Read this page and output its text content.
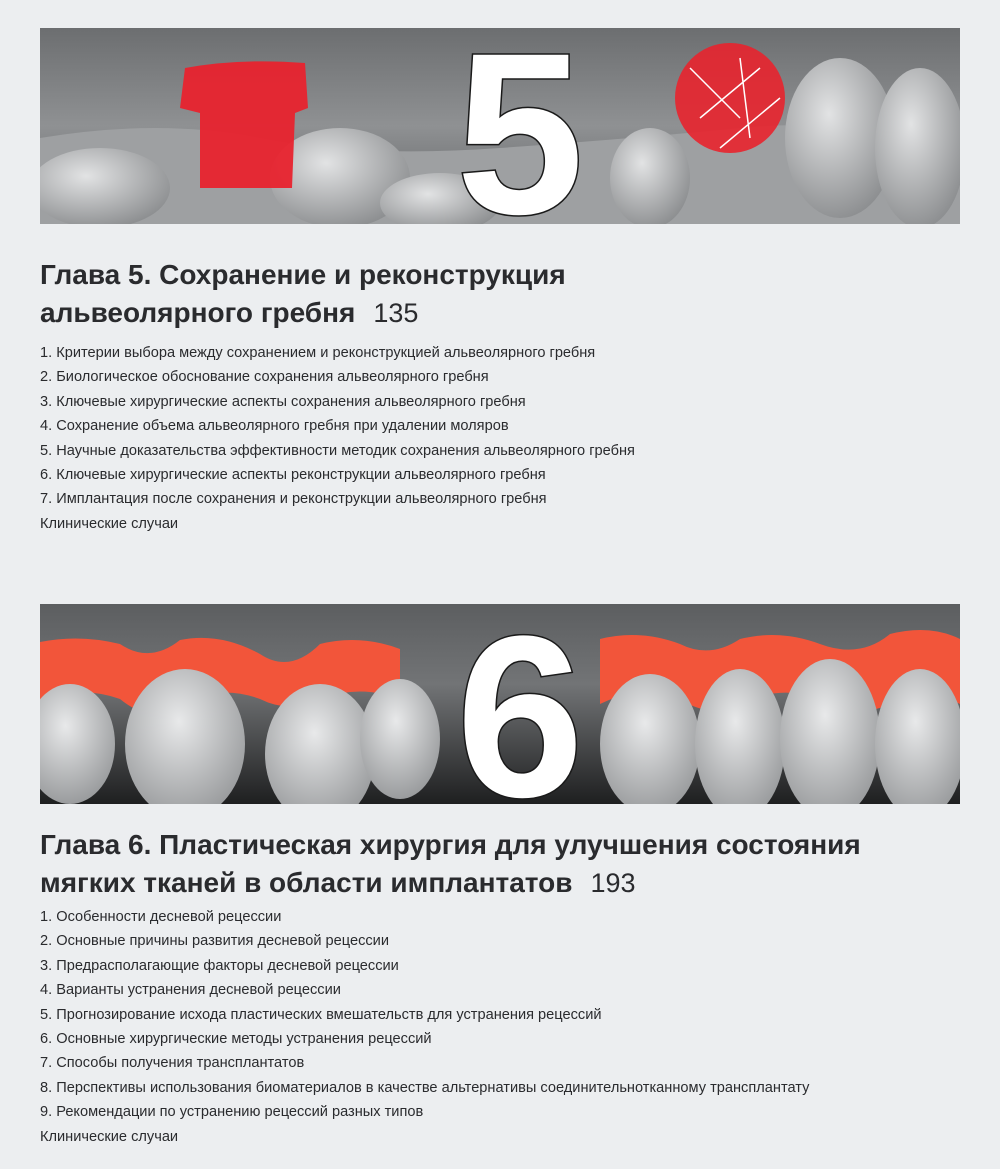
5
Глава 5. Сохранение и реконструкция
альвеолярного гребня 135
1. Критерии выбора между сохранением и реконструкцией альвеолярного гребня
2. Биологическое обоснование сохранения альвеолярного гребня
3. Ключевые хирургические аспекты сохранения альвеолярного гребня
4. Сохранение объема альвеолярного гребня при удалении моляров
5. Научные доказательства эффективности методик сохранения альвеолярного гребня
6. Ключевые хирургические аспекты реконструкции альвеолярного гребня
7. Имплантация после сохранения и реконструкции альвеолярного гребня
Клинические случаи
6
Глава 6. Пластическая хирургия для улучшения состояния
мягких тканей в области имплантатов 193
1. Особенности десневой рецессии
2. Основные причины развития десневой рецессии
3. Предрасполагающие факторы десневой рецессии
4. Варианты устранения десневой рецессии
5. Прогнозирование исхода пластических вмешательств для устранения рецессий
6. Основные хирургические методы устранения рецессий
7. Способы получения трансплантатов
8. Перспективы использования биоматериалов в качестве альтернативы соединительнотканному трансплантату
9. Рекомендации по устранению рецессий разных типов
Клинические случаи
